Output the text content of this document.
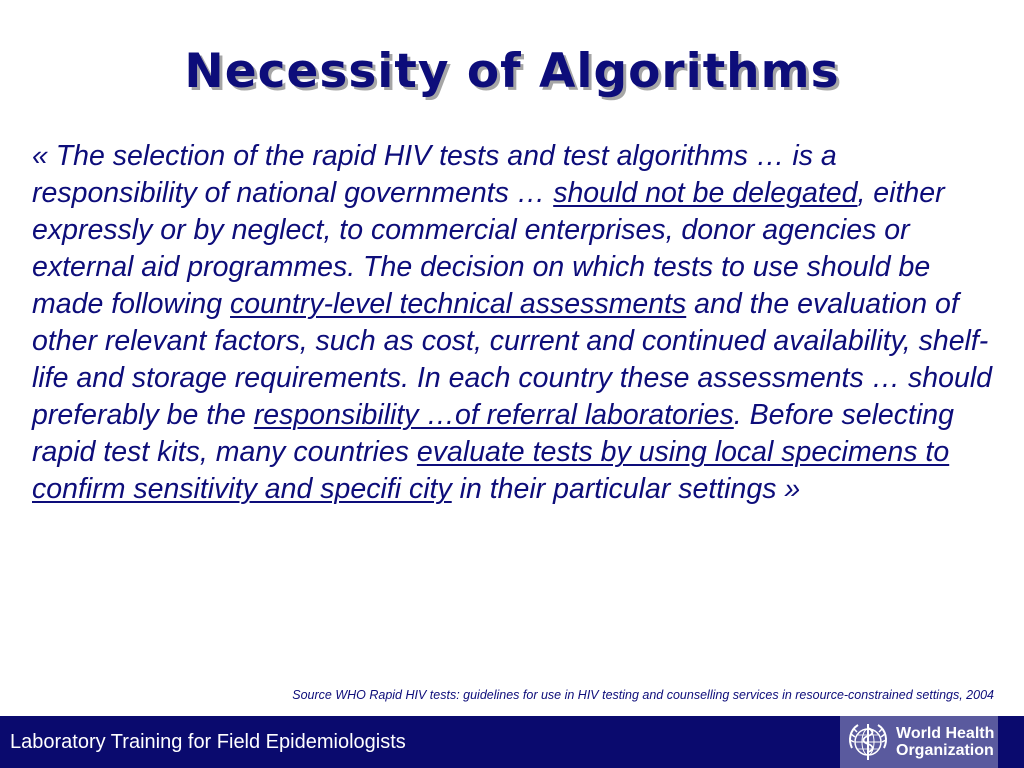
Necessity of Algorithms

« The selection of the rapid HIV tests and test algorithms … is a responsibility of national governments … should not be delegated, either expressly or by neglect, to commercial enterprises, donor agencies or external aid programmes. The decision on which tests to use should be made following country-level technical assessments and the evaluation of other relevant factors, such as cost, current and continued availability, shelf-life and storage requirements. In each country these assessments … should preferably be the responsibility …of referral laboratories. Before selecting rapid test kits, many countries evaluate tests by using local specimens to confirm sensitivity and specifi city in their particular settings »

Source WHO Rapid HIV tests: guidelines for use in HIV testing and counselling services in resource-constrained settings, 2004
Laboratory Training for Field Epidemiologists	World Health
Organization
